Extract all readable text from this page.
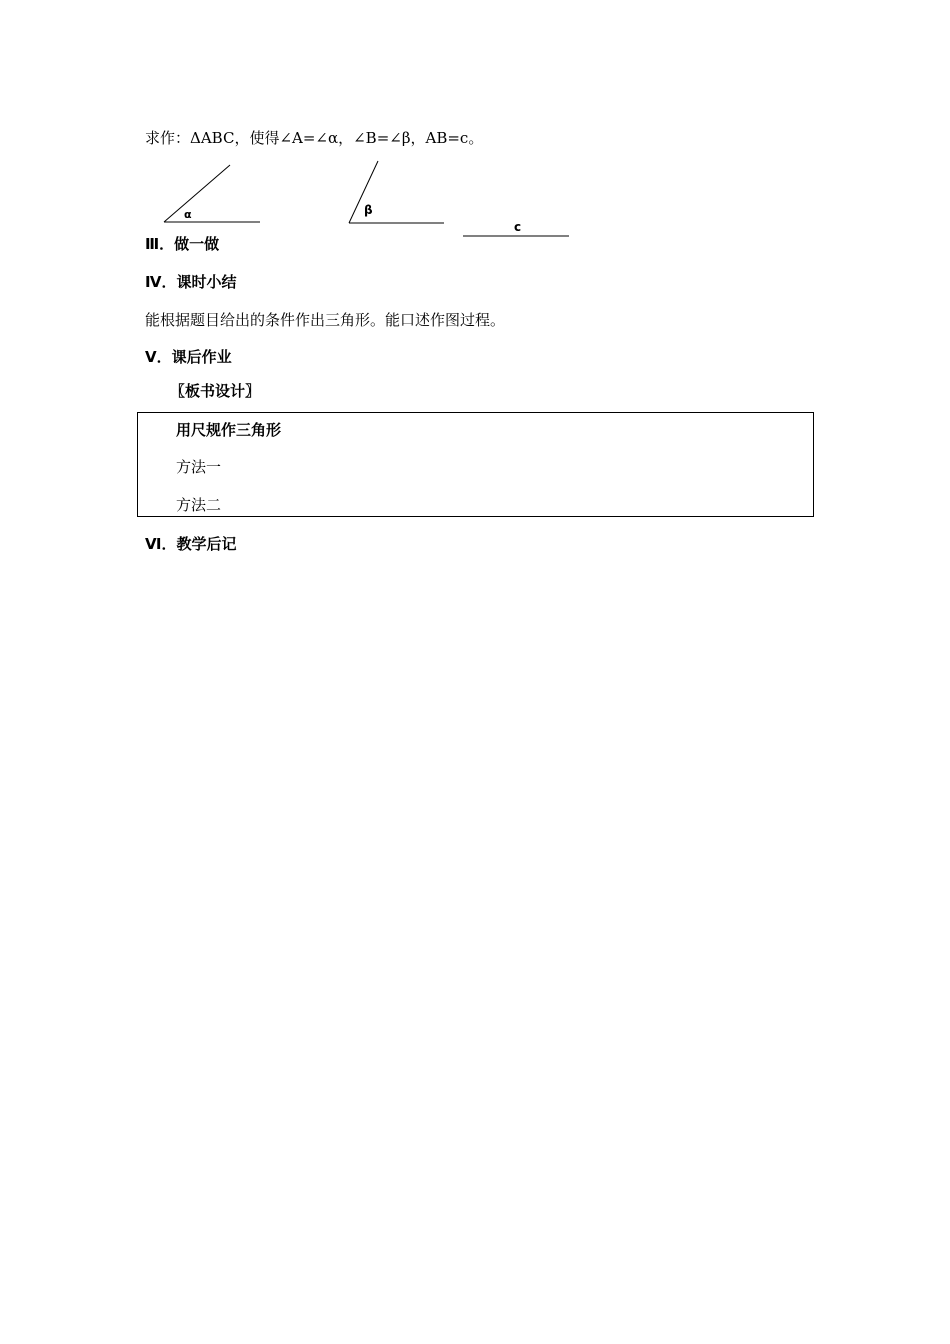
求作：ΔABC，使得∠A=∠α，∠B=∠β，AB=c。
α	β
c
Ⅲ．做一做
Ⅳ．课时小结
能根据题目给出的条件作出三角形。能口述作图过程。
Ⅴ．课后作业
〖板书设计〗
用尺规作三角形
方法一
方法二
Ⅵ．教学后记
